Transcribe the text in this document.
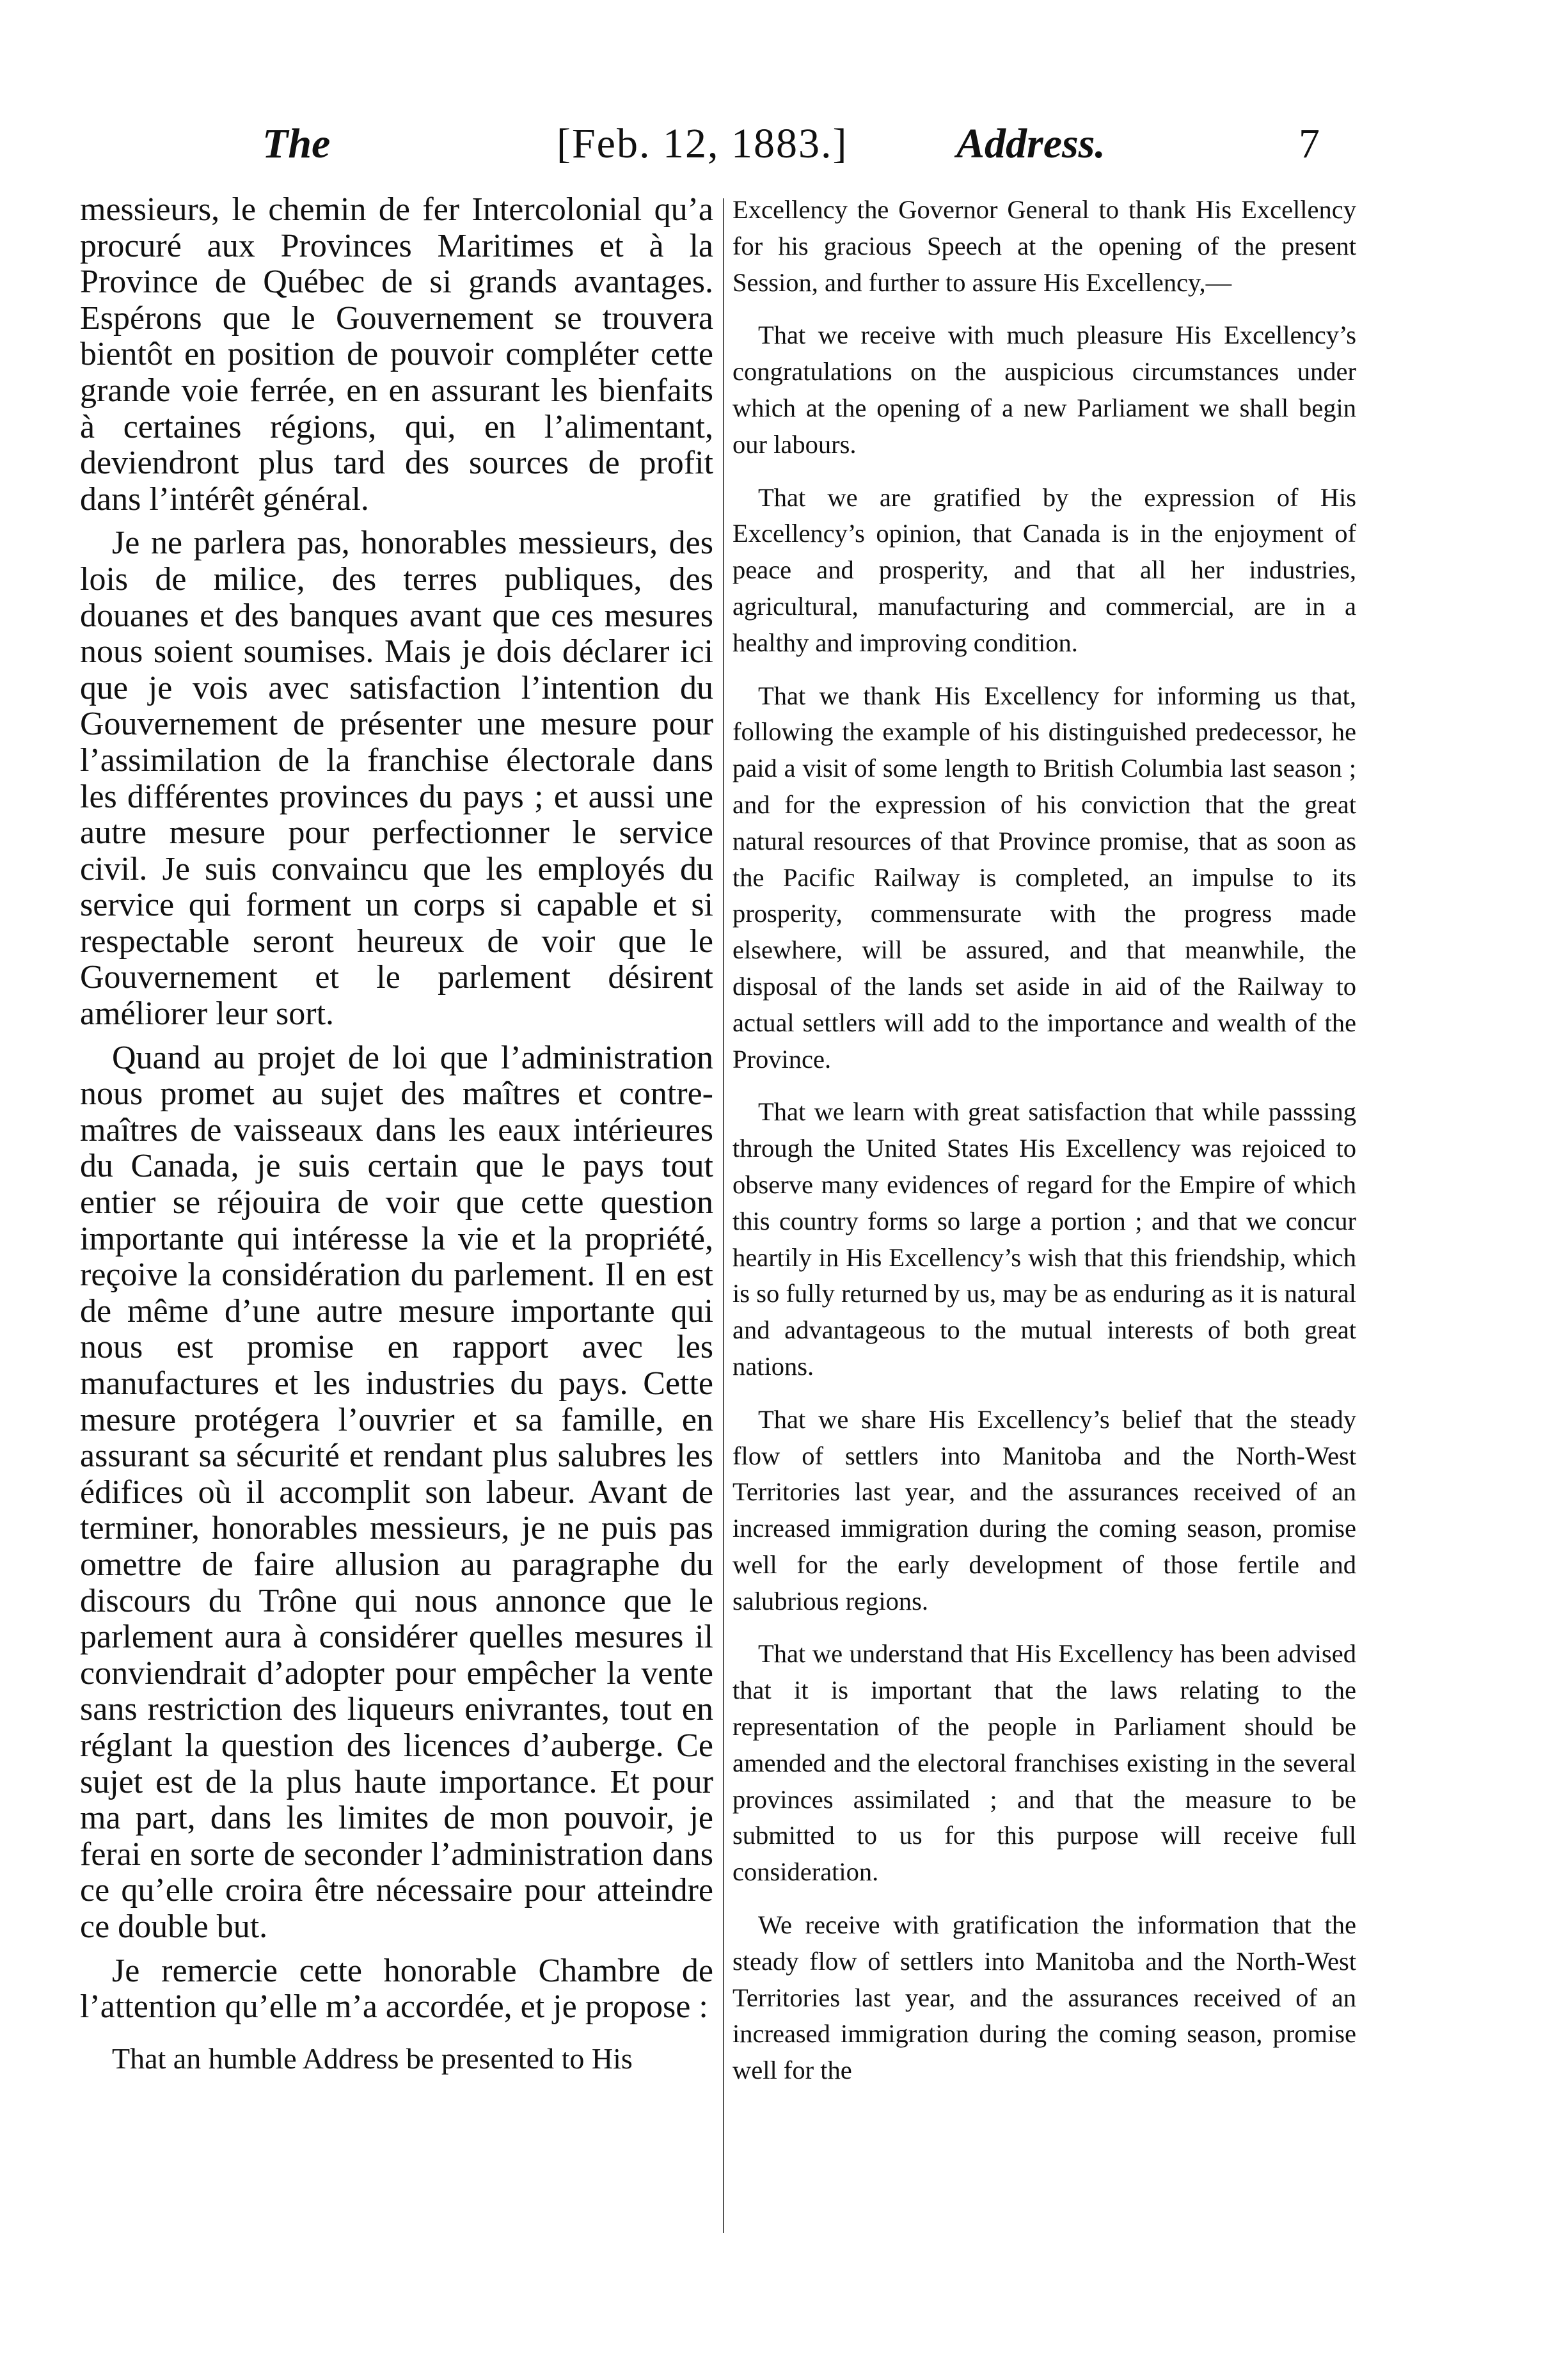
The	[Feb. 12, 1883.]	Address.	7

messieurs, le chemin de fer Intercolonial qu’a procuré aux Provinces Maritimes et à la Province de Québec de si grands avantages. Espérons que le Gouvernement se trouvera bientôt en position de pouvoir compléter cette grande voie ferrée, en en assurant les bienfaits à certaines régions, qui, en l’alimentant, deviendront plus tard des sources de profit dans l’intérêt général.

Je ne parlera pas, honorables messieurs, des lois de milice, des terres publiques, des douanes et des banques avant que ces mesures nous soient soumises. Mais je dois déclarer ici que je vois avec satisfaction l’intention du Gouvernement de présenter une mesure pour l’assimilation de la franchise électorale dans les différentes provinces du pays ; et aussi une autre mesure pour perfectionner le service civil. Je suis convaincu que les employés du service qui forment un corps si capable et si respectable seront heureux de voir que le Gouvernement et le parlement désirent améliorer leur sort.

Quand au projet de loi que l’administration nous promet au sujet des maîtres et contre-maîtres de vaisseaux dans les eaux intérieures du Canada, je suis certain que le pays tout entier se réjouira de voir que cette question importante qui intéresse la vie et la propriété, reçoive la considération du parlement. Il en est de même d’une autre mesure importante qui nous est promise en rapport avec les manufactures et les industries du pays. Cette mesure protégera l’ouvrier et sa famille, en assurant sa sécurité et rendant plus salubres les édifices où il accomplit son labeur. Avant de terminer, honorables messieurs, je ne puis pas omettre de faire allusion au paragraphe du discours du Trône qui nous annonce que le parlement aura à considérer quelles mesures il conviendrait d’adopter pour empêcher la vente sans restriction des liqueurs enivrantes, tout en réglant la question des licences d’auberge. Ce sujet est de la plus haute importance. Et pour ma part, dans les limites de mon pouvoir, je ferai en sorte de seconder l’administration dans ce qu’elle croira être nécessaire pour atteindre ce double but.

Je remercie cette honorable Chambre de l’attention qu’elle m’a accordée, et je propose :

That an humble Address be presented to His

Excellency the Governor General to thank His Excellency for his gracious Speech at the opening of the present Session, and further to assure His Excellency,—

That we receive with much pleasure His Excellency’s congratulations on the auspicious circumstances under which at the opening of a new Parliament we shall begin our labours.

That we are gratified by the expression of His Excellency’s opinion, that Canada is in the enjoyment of peace and prosperity, and that all her industries, agricultural, manufacturing and commercial, are in a healthy and improving condition.

That we thank His Excellency for informing us that, following the example of his distinguished predecessor, he paid a visit of some length to British Columbia last season ; and for the expression of his conviction that the great natural resources of that Province promise, that as soon as the Pacific Railway is completed, an impulse to its prosperity, commensurate with the progress made elsewhere, will be assured, and that meanwhile, the disposal of the lands set aside in aid of the Railway to actual settlers will add to the importance and wealth of the Province.

That we learn with great satisfaction that while passsing through the United States His Excellency was rejoiced to observe many evidences of regard for the Empire of which this country forms so large a portion ; and that we concur heartily in His Excellency’s wish that this friendship, which is so fully returned by us, may be as enduring as it is natural and advantageous to the mutual interests of both great nations.

That we share His Excellency’s belief that the steady flow of settlers into Manitoba and the North-West Territories last year, and the assurances received of an increased immigration during the coming season, promise well for the early development of those fertile and salubrious regions.

That we understand that His Excellency has been advised that it is important that the laws relating to the representation of the people in Parliament should be amended and the electoral franchises existing in the several provinces assimilated ; and that the measure to be submitted to us for this purpose will receive full consideration.

We receive with gratification the information that the steady flow of settlers into Manitoba and the North-West Territories last year, and the assurances received of an increased immigration during the coming season, promise well for the
